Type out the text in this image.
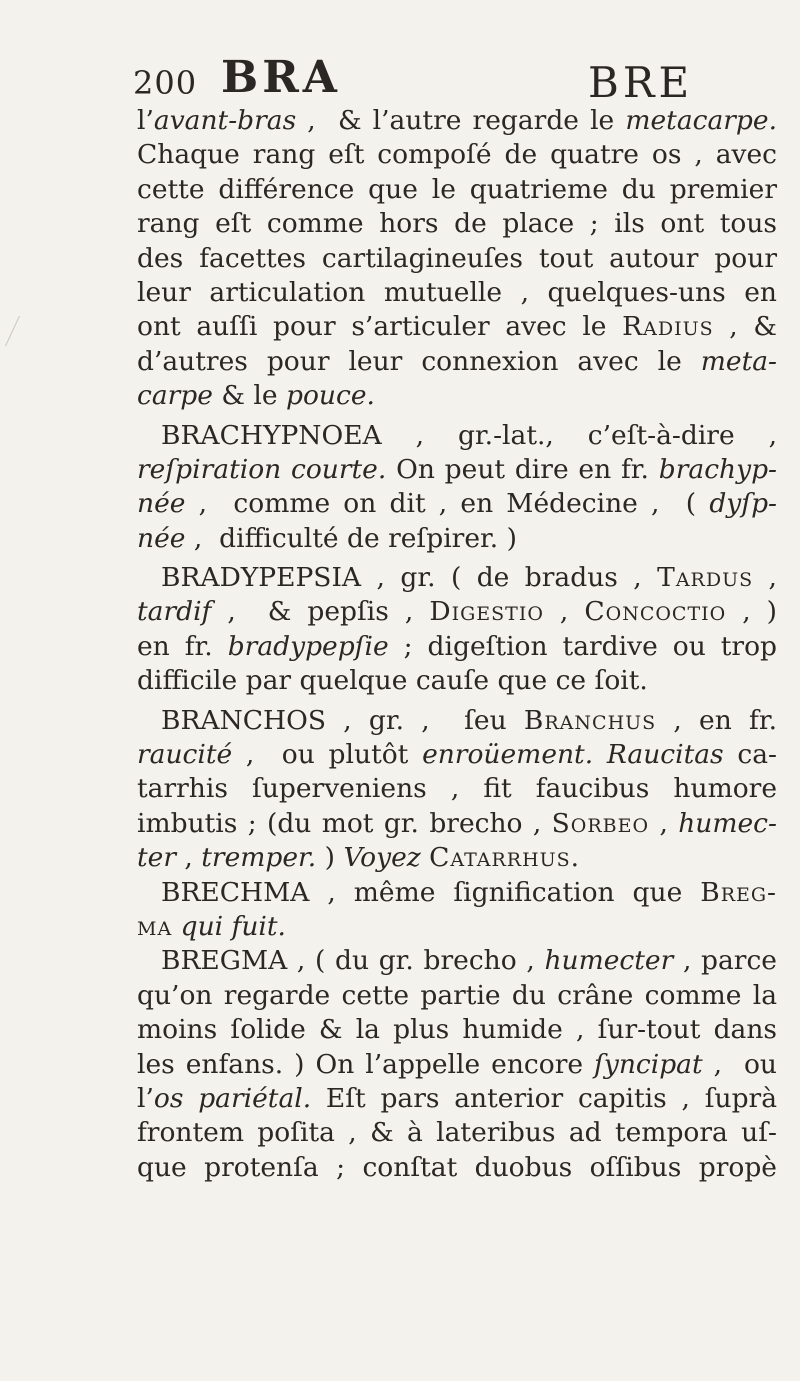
200 BRA	BRE
l’avant-bras ,  & l’autre regarde le metacarpe.
Chaque rang eſt compoſé de quatre os , avec
cette différence que le quatrieme du premier
rang eſt comme hors de place ; ils ont tous
des facettes cartilagineuſes tout autour pour
leur articulation mutuelle , quelques-uns en
ont auſſi pour s’articuler avec le Radius , &
d’autres pour leur connexion avec le meta-
carpe & le pouce.
BRACHYPNOEA , gr.-lat., c’eſt-à-dire ,
reſpiration courte. On peut dire en fr. brachyp-
née ,  comme on dit , en Médecine ,  ( dyſp-
née ,  difficulté de reſpirer. )
BRADYPEPSIA , gr. ( de bradus , Tardus ,
tardif ,  & pepſis , Digestio , Concoctio , )
en fr. bradypepſie ; digeſtion tardive ou trop
difficile par quelque cauſe que ce ſoit.
BRANCHOS , gr. ,  ſeu Branchus , en fr.
raucité ,  ou plutôt enroüement. Raucitas ca-
tarrhis ſuperveniens , fit faucibus humore
imbutis ; (du mot gr. brecho , Sorbeo , humec-
ter , tremper. ) Voyez Catarrhus.
BRECHMA , même ſignification que Breg-
ma qui fuit.
BREGMA , ( du gr. brecho , humecter , parce
qu’on regarde cette partie du crâne comme la
moins ſolide & la plus humide , ſur-tout dans
les enfans. ) On l’appelle encore ſyncipat ,  ou
l’os pariétal. Eſt pars anterior capitis , ſuprà
frontem poſita , & à lateribus ad tempora uſ-
que protenſa ; conſtat duobus oſſibus propè
